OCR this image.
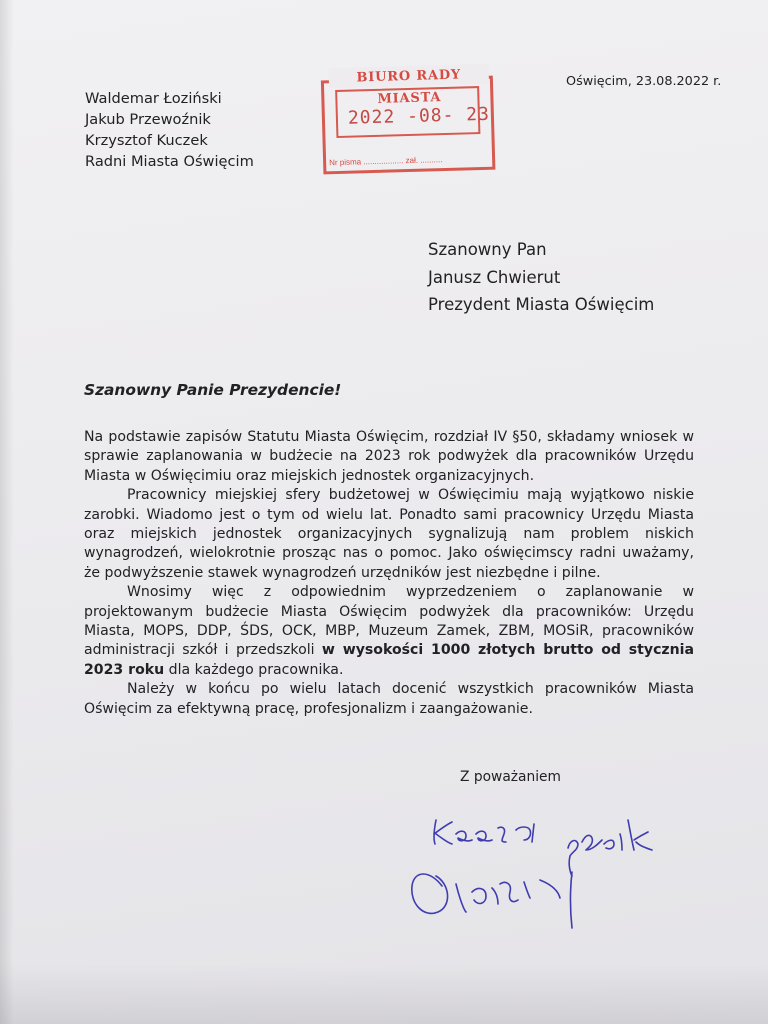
Waldemar Łoziński
Jakub Przewoźnik
Krzysztof Kuczek
Radni Miasta Oświęcim
Oświęcim, 23.08.2022 r.
BIURO RADY MIASTA
2022 -08- 23
Nr pisma .................. zał. ..........
Szanowny Pan
Janusz Chwierut
Prezydent Miasta Oświęcim
Szanowny Panie Prezydencie!

Na podstawie zapisów Statutu Miasta Oświęcim, rozdział IV §50, składamy wniosek w sprawie zaplanowania w budżecie na 2023 rok podwyżek dla pracowników Urzędu Miasta w Oświęcimiu oraz miejskich jednostek organizacyjnych.

Pracownicy miejskiej sfery budżetowej w Oświęcimiu mają wyjątkowo niskie zarobki. Wiadomo jest o tym od wielu lat. Ponadto sami pracownicy Urzędu Miasta oraz miejskich jednostek organizacyjnych sygnalizują nam problem niskich wynagrodzeń, wielokrotnie prosząc nas o pomoc. Jako oświęcimscy radni uważamy, że podwyższenie stawek wynagrodzeń urzędników jest niezbędne i pilne.

Wnosimy więc z odpowiednim wyprzedzeniem o zaplanowanie w projektowanym budżecie Miasta Oświęcim podwyżek dla pracowników: Urzędu Miasta, MOPS, DDP, ŚDS, OCK, MBP, Muzeum Zamek, ZBM, MOSiR, pracowników administracji szkół i przedszkoli w wysokości 1000 złotych brutto od stycznia 2023 roku dla każdego pracownika.

Należy w końcu po wielu latach docenić wszystkich pracowników Miasta Oświęcim za efektywną pracę, profesjonalizm i zaangażowanie.

Z poważaniem
